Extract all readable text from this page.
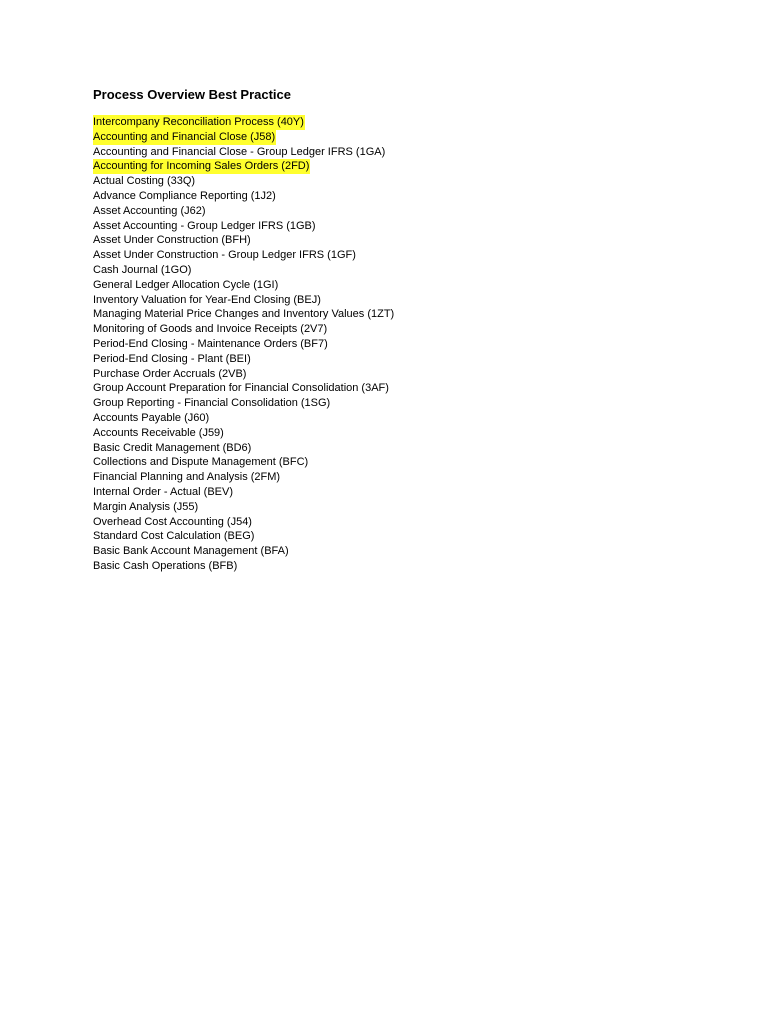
Process Overview Best Practice
Intercompany Reconciliation Process (40Y)
Accounting and Financial Close (J58)
Accounting and Financial Close - Group Ledger IFRS (1GA)
Accounting for Incoming Sales Orders (2FD)
Actual Costing (33Q)
Advance Compliance Reporting (1J2)
Asset Accounting (J62)
Asset Accounting - Group Ledger IFRS (1GB)
Asset Under Construction (BFH)
Asset Under Construction - Group Ledger IFRS (1GF)
Cash Journal (1GO)
General Ledger Allocation Cycle (1GI)
Inventory Valuation for Year-End Closing (BEJ)
Managing Material Price Changes and Inventory Values (1ZT)
Monitoring of Goods and Invoice Receipts (2V7)
Period-End Closing - Maintenance Orders (BF7)
Period-End Closing - Plant (BEI)
Purchase Order Accruals (2VB)
Group Account Preparation for Financial Consolidation (3AF)
Group Reporting - Financial Consolidation (1SG)
Accounts Payable (J60)
Accounts Receivable (J59)
Basic Credit Management (BD6)
Collections and Dispute Management (BFC)
Financial Planning and Analysis (2FM)
Internal Order - Actual (BEV)
Margin Analysis (J55)
Overhead Cost Accounting (J54)
Standard Cost Calculation (BEG)
Basic Bank Account Management (BFA)
Basic Cash Operations (BFB)
